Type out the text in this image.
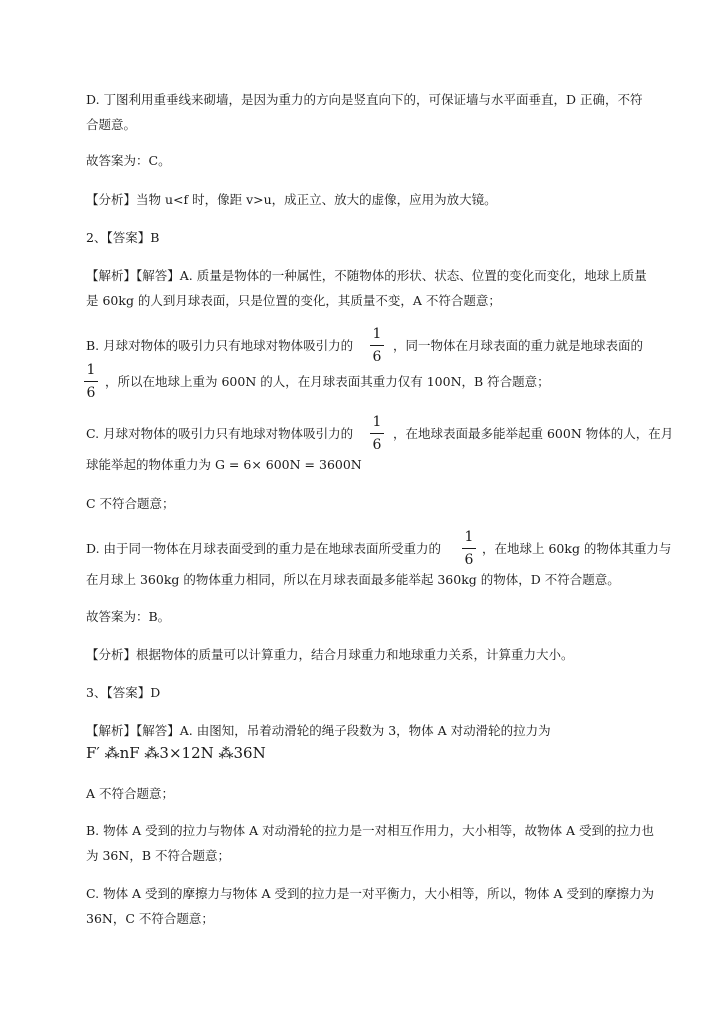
D. 丁图利用重垂线来砌墙，是因为重力的方向是竖直向下的，可保证墙与水平面垂直，D 正确，不符
合题意。
故答案为：C。
【分析】当物 u<f 时，像距 v>u，成正立、放大的虚像，应用为放大镜。
2、【答案】B
【解析】【解答】A. 质量是物体的一种属性，不随物体的形状、状态、位置的变化而变化，地球上质量
是 60kg 的人到月球表面，只是位置的变化，其质量不变，A 不符合题意；
B. 月球对物体的吸引力只有地球对物体吸引力的
1
6
，同一物体在月球表面的重力就是地球表面的
1
6
，所以在地球上重为 600N 的人，在月球表面其重力仅有 100N，B 符合题意；
C. 月球对物体的吸引力只有地球对物体吸引力的
1
6
，在地球表面最多能举起重 600N 物体的人，在月
球能举起的物体重力为 G = 6× 600N = 3600N
C 不符合题意；
D. 由于同一物体在月球表面受到的重力是在地球表面所受重力的
1
6
，在地球上 60kg 的物体其重力与
在月球上 360kg 的物体重力相同，所以在月球表面最多能举起 360kg 的物体，D 不符合题意。
故答案为：B。
【分析】根据物体的质量可以计算重力，结合月球重力和地球重力关系，计算重力大小。
3、【答案】D
【解析】【解答】A. 由图知，吊着动滑轮的绳子段数为 3，物体 A 对动滑轮的拉力为
F′ ⁂nF ⁂3×12N ⁂36N
A 不符合题意；
B. 物体 A 受到的拉力与物体 A 对动滑轮的拉力是一对相互作用力，大小相等，故物体 A 受到的拉力也
为 36N，B 不符合题意；
C. 物体 A 受到的摩擦力与物体 A 受到的拉力是一对平衡力，大小相等，所以，物体 A 受到的摩擦力为
36N，C 不符合题意；
